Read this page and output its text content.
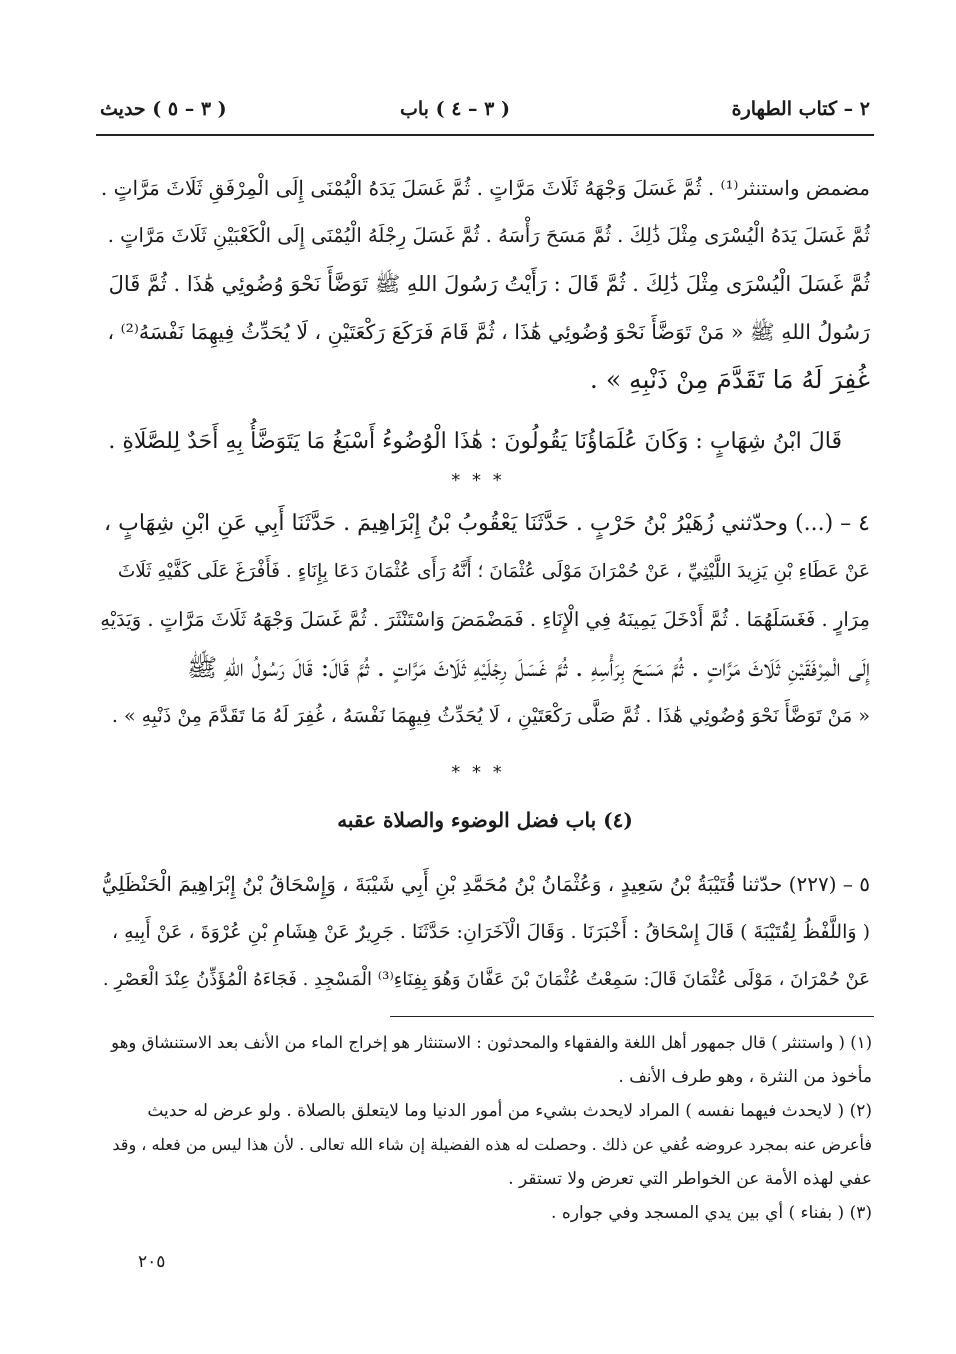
٢ – كتاب الطهارة
( ٣ – ٤ ) باب
( ٣ – ٥ ) حديث
مضمض واستنثر⁽¹⁾ . ثُمَّ غَسَلَ وَجْهَهُ ثَلَاثَ مَرَّاتٍ . ثُمَّ غَسَلَ يَدَهُ الْيُمْنَى إِلَى الْمِرْفَقِ ثَلَاثَ مَرَّاتٍ .
ثُمَّ غَسَلَ يَدَهُ الْيُسْرَى مِثْلَ ذَٰلِكَ . ثُمَّ مَسَحَ رَأْسَهُ . ثُمَّ غَسَلَ رِجْلَهُ الْيُمْنَى إِلَى الْكَعْبَيْنِ ثَلَاثَ مَرَّاتٍ .
ثُمَّ غَسَلَ الْيُسْرَى مِثْلَ ذَٰلِكَ . ثُمَّ قَالَ : رَأَيْتُ رَسُولَ اللهِ ﷺ تَوَضَّأَ نَحْوَ وُضُوئِي هَٰذَا . ثُمَّ قَالَ
رَسُولُ اللهِ ﷺ « مَنْ تَوَضَّأَ نَحْوَ وُضُوئِي هَٰذَا ، ثُمَّ قَامَ فَرَكَعَ رَكْعَتَيْنِ ، لَا يُحَدِّثُ فِيهِمَا نَفْسَهُ⁽²⁾ ،
غُفِرَ لَهُ مَا تَقَدَّمَ مِنْ ذَنْبِهِ » .
قَالَ ابْنُ شِهَابٍ : وَكَانَ عُلَمَاؤُنَا يَقُولُونَ : هَٰذَا الْوُضُوءُ أَسْبَغُ مَا يَتَوَضَّأُ بِهِ أَحَدٌ لِلصَّلَاةِ .
* * *
٤ – (...) وحدّثني زُهَيْرُ بْنُ حَرْبٍ . حَدَّثَنَا يَعْقُوبُ بْنُ إِبْرَاهِيمَ . حَدَّثَنَا أَبِي عَنِ ابْنِ شِهَابٍ ،
عَنْ عَطَاءِ بْنِ يَزِيدَ اللَّيْثِيِّ ، عَنْ حُمْرَانَ مَوْلَى عُثْمَانَ ؛ أَنَّهُ رَأَى عُثْمَانَ دَعَا بِإِنَاءٍ . فَأَفْرَغَ عَلَى كَفَّيْهِ ثَلَاثَ
مِرَارٍ . فَغَسَلَهُمَا . ثُمَّ أَدْخَلَ يَمِينَهُ فِي الْإِنَاءِ . فَمَضْمَضَ وَاسْتَنْثَرَ . ثُمَّ غَسَلَ وَجْهَهُ ثَلَاثَ مَرَّاتٍ . وَيَدَيْهِ
إِلَى الْمِرْفَقَيْنِ ثَلَاثَ مَرَّاتٍ . ثُمَّ مَسَحَ بِرَأْسِهِ . ثُمَّ غَسَلَ رِجْلَيْهِ ثَلَاثَ مَرَّاتٍ . ثُمَّ قَالَ: قَالَ رَسُولُ اللهِ ﷺ
« مَنْ تَوَضَّأَ نَحْوَ وُضُوئِي هَٰذَا . ثُمَّ صَلَّى رَكْعَتَيْنِ ، لَا يُحَدِّثُ فِيهِمَا نَفْسَهُ ، غُفِرَ لَهُ مَا تَقَدَّمَ مِنْ ذَنْبِهِ » .
* * *
(٤) باب فضل الوضوء والصلاة عقبه
٥ – (٢٢٧) حدّثنا قُتَيْبَةُ بْنُ سَعِيدٍ ، وَعُثْمَانُ بْنُ مُحَمَّدِ بْنِ أَبِي شَيْبَةَ ، وَإِسْحَاقُ بْنُ إِبْرَاهِيمَ الْحَنْظَلِيُّ
( وَاللَّفْظُ لِقُتَيْبَةَ ) قَالَ إِسْحَاقُ : أَخْبَرَنَا . وَقَالَ الْآخَرَانِ: حَدَّثَنَا . جَرِيرٌ عَنْ هِشَامِ بْنِ عُرْوَةَ ، عَنْ أَبِيهِ ،
عَنْ حُمْرَانَ ، مَوْلَى عُثْمَانَ قَالَ: سَمِعْتُ عُثْمَانَ بْنَ عَفَّانَ وَهُوَ بِفِنَاءِ⁽³⁾ الْمَسْجِدِ . فَجَاءَهُ الْمُؤَذِّنُ عِنْدَ الْعَصْرِ .
(١) ( واستنثر ) قال جمهور أهل اللغة والفقهاء والمحدثون : الاستنثار هو إخراج الماء من الأنف بعد الاستنشاق وهو
مأخوذ من النثرة ، وهو طرف الأنف .
(٢) ( لايحدث فيهما نفسه ) المراد لايحدث بشيء من أمور الدنيا وما لايتعلق بالصلاة . ولو عرض له حديث
فأعرض عنه بمجرد عروضه عُفي عن ذلك . وحصلت له هذه الفضيلة إن شاء الله تعالى . لأن هذا ليس من فعله ، وقد
عفي لهذه الأمة عن الخواطر التي تعرض ولا تستقر .
(٣) ( بفناء ) أي بين يدي المسجد وفي جواره .
٢٠٥
